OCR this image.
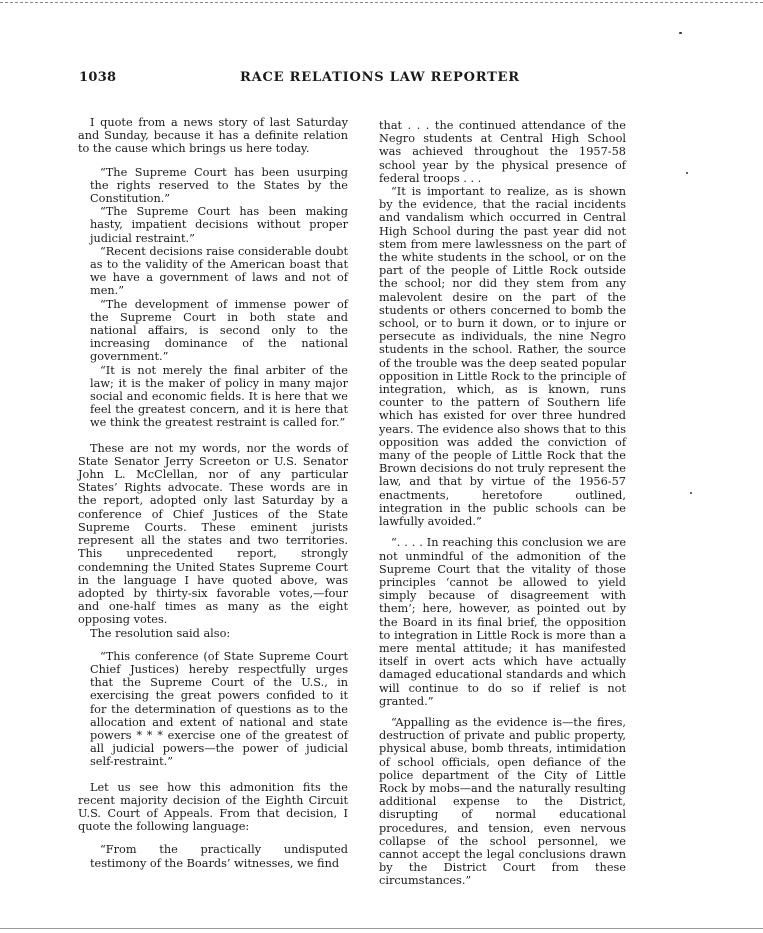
1038	RACE RELATIONS LAW REPORTER

I quote from a news story of last Saturday and Sunday, because it has a definite relation to the cause which brings us here today.

“The Supreme Court has been usurping the rights reserved to the States by the Constitution.”

“The Supreme Court has been making hasty, impatient decisions without proper judicial restraint.”

“Recent decisions raise considerable doubt as to the validity of the American boast that we have a government of laws and not of men.”

“The development of immense power of the Supreme Court in both state and national affairs, is second only to the increasing dominance of the national government.”

“It is not merely the final arbiter of the law; it is the maker of policy in many major social and economic fields. It is here that we feel the greatest concern, and it is here that we think the greatest restraint is called for.”

These are not my words, nor the words of State Senator Jerry Screeton or U.S. Senator John L. McClellan, nor of any particular States’ Rights advocate. These words are in the report, adopted only last Saturday by a conference of Chief Justices of the State Supreme Courts. These eminent jurists represent all the states and two territories. This unprecedented report, strongly condemning the United States Supreme Court in the language I have quoted above, was adopted by thirty-six favorable votes,—four and one-half times as many as the eight opposing votes.

The resolution said also:

“This conference (of State Supreme Court Chief Justices) hereby respectfully urges that the Supreme Court of the U.S., in exercising the great powers confided to it for the determination of questions as to the allocation and extent of national and state powers * * * exercise one of the greatest of all judicial powers—the power of judicial self-restraint.”

Let us see how this admonition fits the recent majority decision of the Eighth Circuit U.S. Court of Appeals. From that decision, I quote the following language:

“From the practically undisputed testimony of the Boards’ witnesses, we find

that . . . the continued attendance of the Negro students at Central High School was achieved throughout the 1957-58 school year by the physical presence of federal troops . . .

“It is important to realize, as is shown by the evidence, that the racial incidents and vandalism which occurred in Central High School during the past year did not stem from mere lawlessness on the part of the white students in the school, or on the part of the people of Little Rock outside the school; nor did they stem from any malevolent desire on the part of the students or others concerned to bomb the school, or to burn it down, or to injure or persecute as individuals, the nine Negro students in the school. Rather, the source of the trouble was the deep seated popular opposition in Little Rock to the principle of integration, which, as is known, runs counter to the pattern of Southern life which has existed for over three hundred years. The evidence also shows that to this opposition was added the conviction of many of the people of Little Rock that the Brown decisions do not truly represent the law, and that by virtue of the 1956-57 enactments, heretofore outlined, integration in the public schools can be lawfully avoided.”

“. . . . In reaching this conclusion we are not unmindful of the admonition of the Supreme Court that the vitality of those principles ‘cannot be allowed to yield simply because of disagreement with them’; here, however, as pointed out by the Board in its final brief, the opposition to integration in Little Rock is more than a mere mental attitude; it has manifested itself in overt acts which have actually damaged educational standards and which will continue to do so if relief is not granted.”

“Appalling as the evidence is—the fires, destruction of private and public property, physical abuse, bomb threats, intimidation of school officials, open defiance of the police department of the City of Little Rock by mobs—and the naturally resulting additional expense to the District, disrupting of normal educational procedures, and tension, even nervous collapse of the school personnel, we cannot accept the legal conclusions drawn by the District Court from these circumstances.”
